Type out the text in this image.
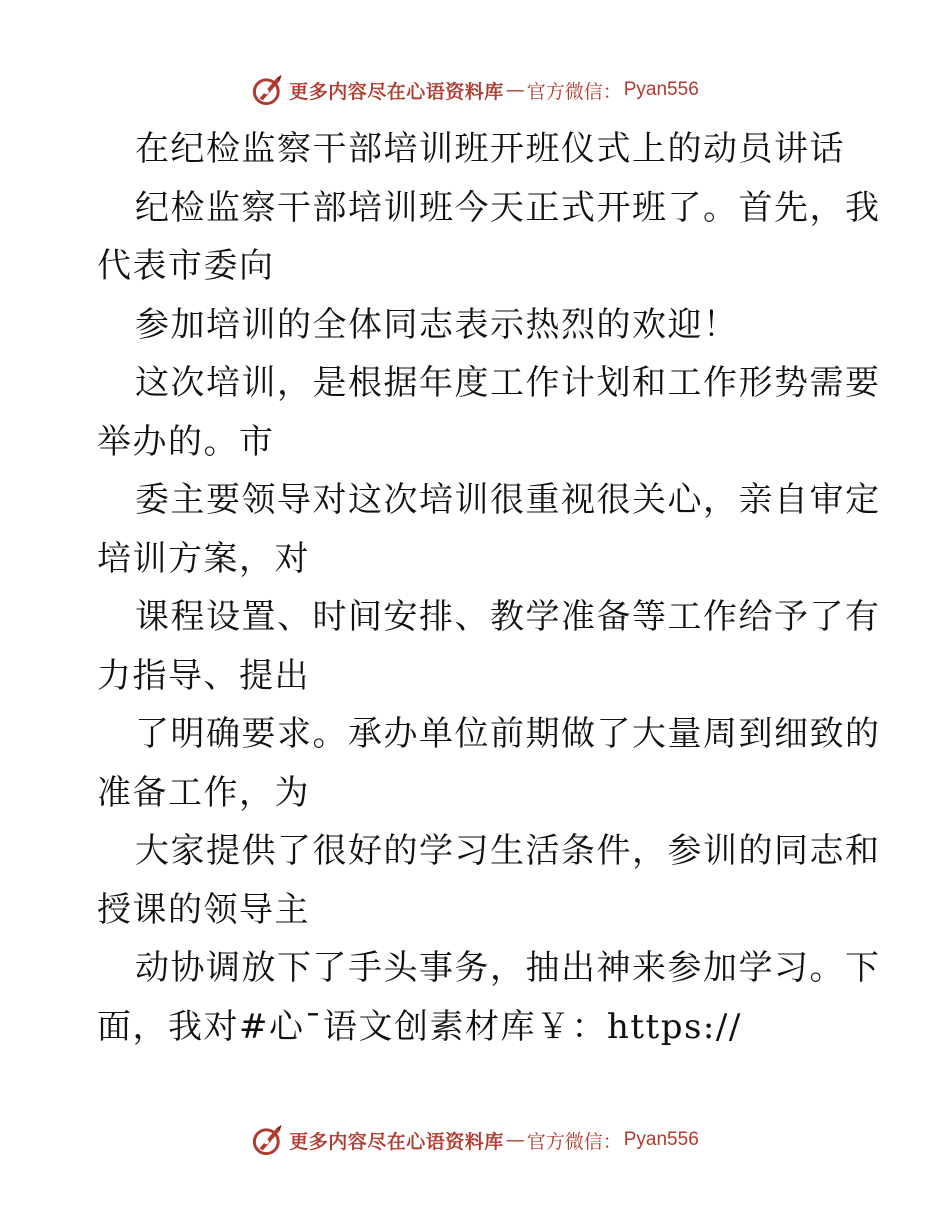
更多内容尽在心语资料库 — 官方微信： Pyan556
在纪检监察干部培训班开班仪式上的动员讲话
纪检监察干部培训班今天正式开班了。首先，我
代表市委向
参加培训的全体同志表示热烈的欢迎！
这次培训，是根据年度工作计划和工作形势需要
举办的。市
委主要领导对这次培训很重视很关心，亲自审定
培训方案，对
课程设置、时间安排、教学准备等工作给予了有
力指导、提出
了明确要求。承办单位前期做了大量周到细致的
准备工作，为
大家提供了很好的学习生活条件，参训的同志和
授课的领导主
动协调放下了手头事务，抽出神来参加学习。下
面，我对#心¯语文创素材库￥：https://
更多内容尽在心语资料库 — 官方微信： Pyan556
